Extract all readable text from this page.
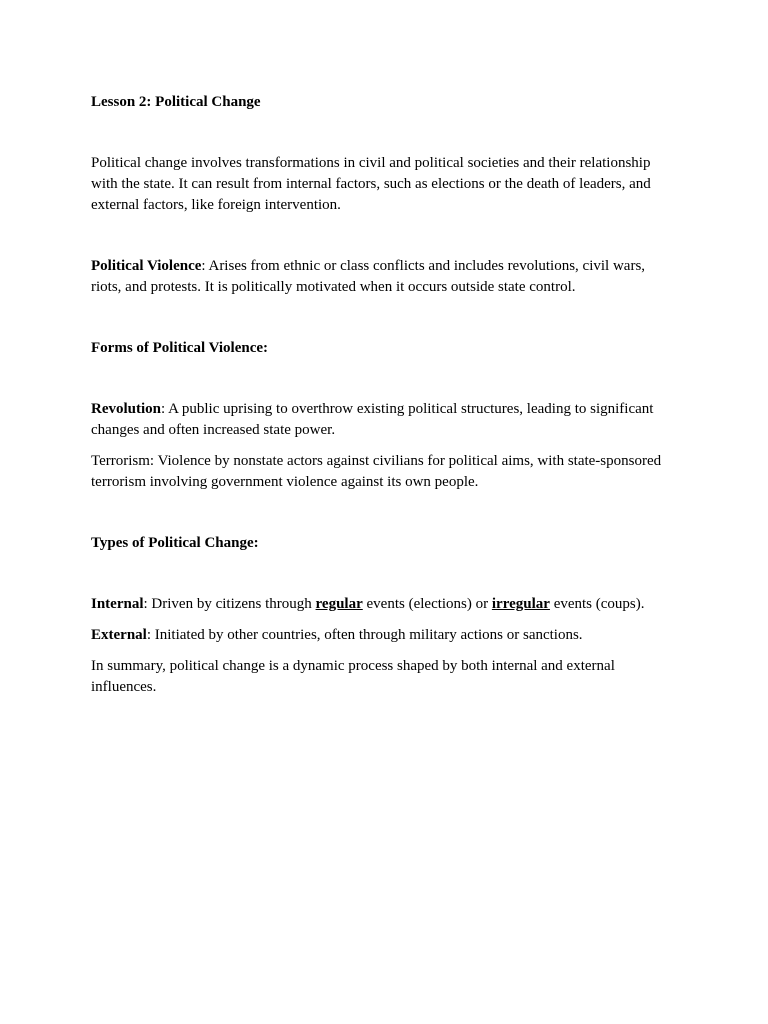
Lesson 2: Political Change

Political change involves transformations in civil and political societies and their relationship with the state. It can result from internal factors, such as elections or the death of leaders, and external factors, like foreign intervention.

Political Violence: Arises from ethnic or class conflicts and includes revolutions, civil wars, riots, and protests. It is politically motivated when it occurs outside state control.

Forms of Political Violence:

Revolution: A public uprising to overthrow existing political structures, leading to significant changes and often increased state power.

Terrorism: Violence by nonstate actors against civilians for political aims, with state-sponsored terrorism involving government violence against its own people.

Types of Political Change:

Internal: Driven by citizens through regular events (elections) or irregular events (coups).

External: Initiated by other countries, often through military actions or sanctions.

In summary, political change is a dynamic process shaped by both internal and external influences.
